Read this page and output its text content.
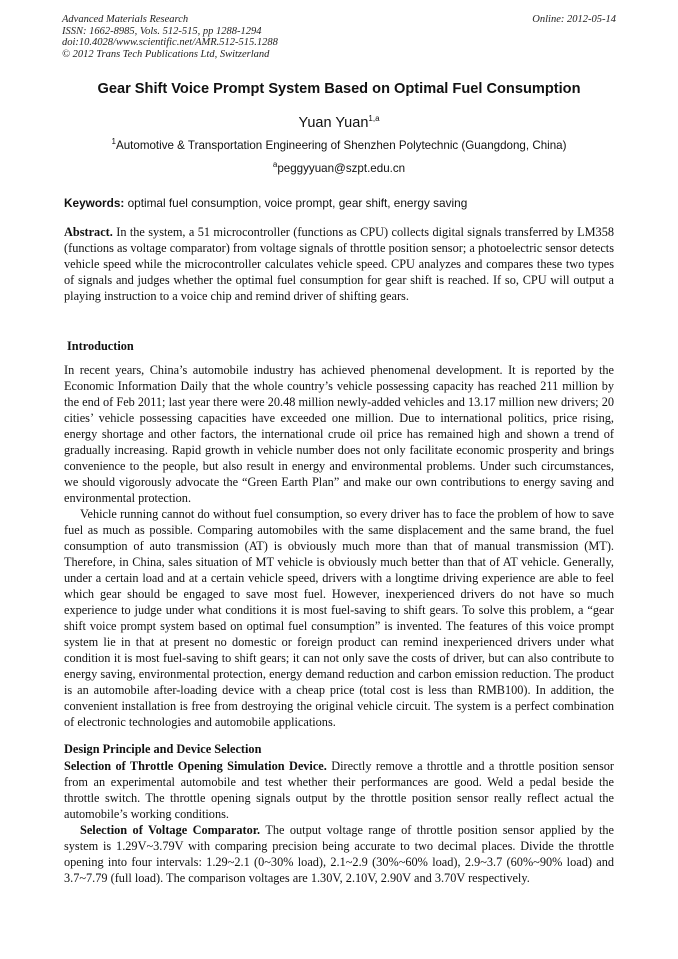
Advanced Materials Research
ISSN: 1662-8985, Vols. 512-515, pp 1288-1294
doi:10.4028/www.scientific.net/AMR.512-515.1288
© 2012 Trans Tech Publications Ltd, Switzerland
Online: 2012-05-14
Gear Shift Voice Prompt System Based on Optimal Fuel Consumption
Yuan Yuan$^{1,a}$
$^1$Automotive & Transportation Engineering of Shenzhen Polytechnic (Guangdong, China)
$^a$peggyyuan@szpt.edu.cn
Keywords: optimal fuel consumption, voice prompt, gear shift, energy saving
Abstract. In the system, a 51 microcontroller (functions as CPU) collects digital signals transferred by LM358 (functions as voltage comparator) from voltage signals of throttle position sensor; a photoelectric sensor detects vehicle speed while the microcontroller calculates vehicle speed. CPU analyzes and compares these two types of signals and judges whether the optimal fuel consumption for gear shift is reached. If so, CPU will output a playing instruction to a voice chip and remind driver of shifting gears.
Introduction

In recent years, China’s automobile industry has achieved phenomenal development. It is reported by the Economic Information Daily that the whole country’s vehicle possessing capacity has reached 211 million by the end of Feb 2011; last year there were 20.48 million newly-added vehicles and 13.17 million new drivers; 20 cities’ vehicle possessing capacities have exceeded one million. Due to international politics, price rising, energy shortage and other factors, the international crude oil price has remained high and shown a trend of gradually increasing. Rapid growth in vehicle number does not only facilitate economic prosperity and brings convenience to the people, but also result in energy and environmental problems. Under such circumstances, we should vigorously advocate the “Green Earth Plan” and make our own contributions to energy saving and environmental protection.

Vehicle running cannot do without fuel consumption, so every driver has to face the problem of how to save fuel as much as possible. Comparing automobiles with the same displacement and the same brand, the fuel consumption of auto transmission (AT) is obviously much more than that of manual transmission (MT). Therefore, in China, sales situation of MT vehicle is obviously much better than that of AT vehicle. Generally, under a certain load and at a certain vehicle speed, drivers with a longtime driving experience are able to feel which gear should be engaged to save most fuel. However, inexperienced drivers do not have so much experience to judge under what conditions it is most fuel-saving to shift gears. To solve this problem, a “gear shift voice prompt system based on optimal fuel consumption” is invented. The features of this voice prompt system lie in that at present no domestic or foreign product can remind inexperienced drivers under what condition it is most fuel-saving to shift gears; it can not only save the costs of driver, but can also contribute to energy saving, environmental protection, energy demand reduction and carbon emission reduction. The product is an automobile after-loading device with a cheap price (total cost is less than RMB100). In addition, the convenient installation is free from destroying the original vehicle circuit. The system is a perfect combination of electronic technologies and automobile applications.

Design Principle and Device Selection

Selection of Throttle Opening Simulation Device. Directly remove a throttle and a throttle position sensor from an experimental automobile and test whether their performances are good. Weld a pedal beside the throttle switch. The throttle opening signals output by the throttle position sensor really reflect actual the automobile’s working conditions.

Selection of Voltage Comparator. The output voltage range of throttle position sensor applied by the system is 1.29V~3.79V with comparing precision being accurate to two decimal places. Divide the throttle opening into four intervals: 1.29~2.1 (0~30% load), 2.1~2.9 (30%~60% load), 2.9~3.7 (60%~90% load) and 3.7~7.79 (full load). The comparison voltages are 1.30V, 2.10V, 2.90V and 3.70V respectively.
